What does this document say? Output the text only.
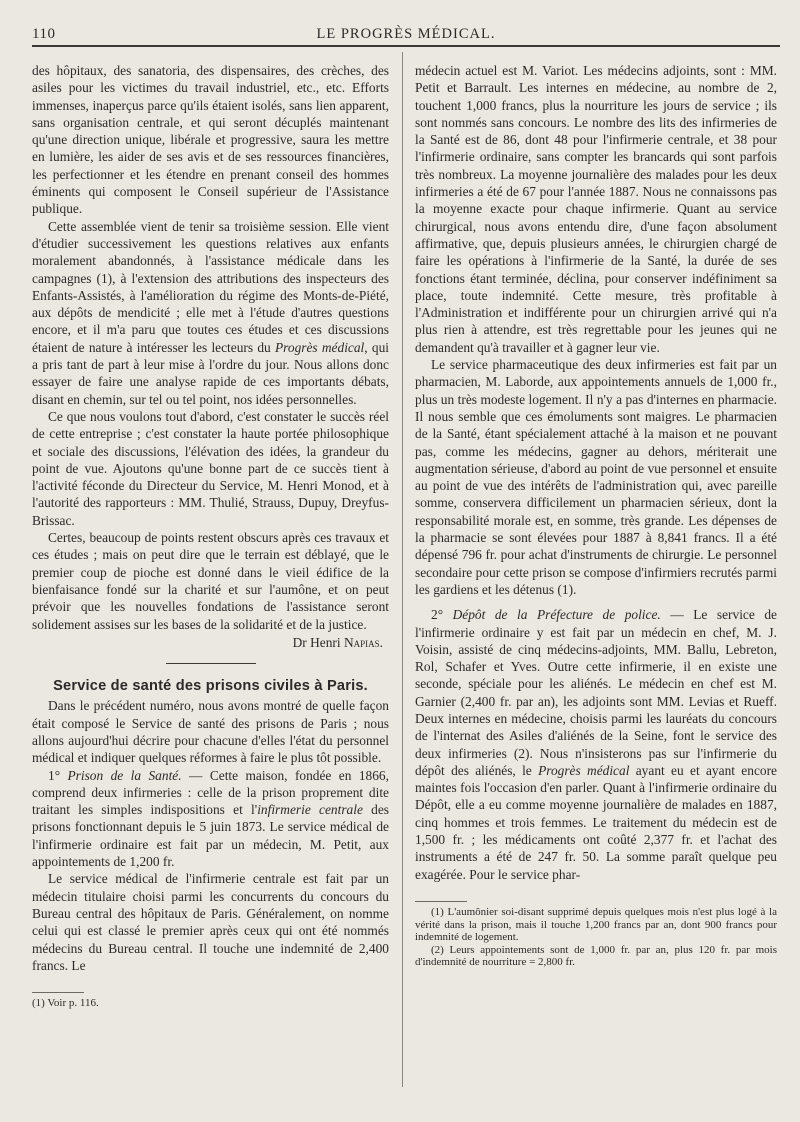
110	LE PROGRÈS MÉDICAL.

des hôpitaux, des sanatoria, des dispensaires, des crèches, des asiles pour les victimes du travail industriel, etc., etc. Efforts immenses, inaperçus parce qu'ils étaient isolés, sans lien apparent, sans organisation centrale, et qui seront décuplés maintenant qu'une direction unique, libérale et progressive, saura les mettre en lumière, les aider de ses avis et de ses ressources financières, les perfectionner et les étendre en prenant conseil des hommes éminents qui composent le Conseil supérieur de l'Assistance publique.

Cette assemblée vient de tenir sa troisième session. Elle vient d'étudier successivement les questions relatives aux enfants moralement abandonnés, à l'assistance médicale dans les campagnes (1), à l'extension des attributions des inspecteurs des Enfants-Assistés, à l'amélioration du régime des Monts-de-Piété, aux dépôts de mendicité ; elle met à l'étude d'autres questions encore, et il m'a paru que toutes ces études et ces discussions étaient de nature à intéresser les lecteurs du Progrès médical, qui a pris tant de part à leur mise à l'ordre du jour. Nous allons donc essayer de faire une analyse rapide de ces importants débats, disant en chemin, sur tel ou tel point, nos idées personnelles.

Ce que nous voulons tout d'abord, c'est constater le succès réel de cette entreprise ; c'est constater la haute portée philosophique et sociale des discussions, l'élévation des idées, la grandeur du point de vue. Ajoutons qu'une bonne part de ce succès tient à l'activité féconde du Directeur du Service, M. Henri Monod, et à l'autorité des rapporteurs : MM. Thulié, Strauss, Dupuy, Dreyfus-Brissac.

Certes, beaucoup de points restent obscurs après ces travaux et ces études ; mais on peut dire que le terrain est déblayé, que le premier coup de pioche est donné dans le vieil édifice de la bienfaisance fondé sur la charité et sur l'aumône, et on peut prévoir que les nouvelles fondations de l'assistance seront solidement assises sur les bases de la solidarité et de la justice.

Dr Henri Napias.
Service de santé des prisons civiles à Paris.

Dans le précédent numéro, nous avons montré de quelle façon était composé le Service de santé des prisons de Paris ; nous allons aujourd'hui décrire pour chacune d'elles l'état du personnel médical et indiquer quelques réformes à faire le plus tôt possible.

1° Prison de la Santé. — Cette maison, fondée en 1866, comprend deux infirmeries : celle de la prison proprement dite traitant les simples indispositions et l'infirmerie centrale des prisons fonctionnant depuis le 5 juin 1873. Le service médical de l'infirmerie ordinaire est fait par un médecin, M. Petit, aux appointements de 1,200 fr.

Le service médical de l'infirmerie centrale est fait par un médecin titulaire choisi parmi les concurrents du concours du Bureau central des hôpitaux de Paris. Généralement, on nomme celui qui est classé le premier après ceux qui ont été nommés médecins du Bureau central. Il touche une indemnité de 2,400 francs. Le

(1) Voir p. 116.

médecin actuel est M. Variot. Les médecins adjoints, sont : MM. Petit et Barrault. Les internes en médecine, au nombre de 2, touchent 1,000 francs, plus la nourriture les jours de service ; ils sont nommés sans concours. Le nombre des lits des infirmeries de la Santé est de 86, dont 48 pour l'infirmerie centrale, et 38 pour l'infirmerie ordinaire, sans compter les brancards qui sont parfois très nombreux. La moyenne journalière des malades pour les deux infirmeries a été de 67 pour l'année 1887. Nous ne connaissons pas la moyenne exacte pour chaque infirmerie. Quant au service chirurgical, nous avons entendu dire, d'une façon absolument affirmative, que, depuis plusieurs années, le chirurgien chargé de faire les opérations à l'infirmerie de la Santé, la durée de ses fonctions étant terminée, déclina, pour conserver indéfiniment sa place, toute indemnité. Cette mesure, très profitable à l'Administration et indifférente pour un chirurgien arrivé qui n'a plus rien à attendre, est très regrettable pour les jeunes qui ne demandent qu'à travailler et à gagner leur vie.

Le service pharmaceutique des deux infirmeries est fait par un pharmacien, M. Laborde, aux appointements annuels de 1,000 fr., plus un très modeste logement. Il n'y a pas d'internes en pharmacie. Il nous semble que ces émoluments sont maigres. Le pharmacien de la Santé, étant spécialement attaché à la maison et ne pouvant pas, comme les médecins, gagner au dehors, mériterait une augmentation sérieuse, d'abord au point de vue personnel et ensuite au point de vue des intérêts de l'administration qui, avec pareille somme, conservera difficilement un pharmacien sérieux, dont la responsabilité morale est, en somme, très grande. Les dépenses de la pharmacie se sont élevées pour 1887 à 8,841 francs. Il a été dépensé 796 fr. pour achat d'instruments de chirurgie. Le personnel secondaire pour cette prison se compose d'infirmiers recrutés parmi les gardiens et les détenus (1).

2° Dépôt de la Préfecture de police. — Le service de l'infirmerie ordinaire y est fait par un médecin en chef, M. J. Voisin, assisté de cinq médecins-adjoints, MM. Ballu, Lebreton, Rol, Schafer et Yves. Outre cette infirmerie, il en existe une seconde, spéciale pour les aliénés. Le médecin en chef est M. Garnier (2,400 fr. par an), les adjoints sont MM. Levias et Rueff. Deux internes en médecine, choisis parmi les lauréats du concours de l'internat des Asiles d'aliénés de la Seine, font le service des deux infirmeries (2). Nous n'insisterons pas sur l'infirmerie du dépôt des aliénés, le Progrès médical ayant eu et ayant encore maintes fois l'occasion d'en parler. Quant à l'infirmerie ordinaire du Dépôt, elle a eu comme moyenne journalière de malades en 1887, cinq hommes et trois femmes. Le traitement du médecin est de 1,500 fr. ; les médicaments ont coûté 2,377 fr. et l'achat des instruments a été de 247 fr. 50. La somme paraît quelque peu exagérée. Pour le service phar-

(1) L'aumônier soi-disant supprimé depuis quelques mois n'est plus logé à la vérité dans la prison, mais il touche 1,200 francs par an, dont 900 francs pour indemnité de logement.

(2) Leurs appointements sont de 1,000 fr. par an, plus 120 fr. par mois d'indemnité de nourriture = 2,800 fr.
